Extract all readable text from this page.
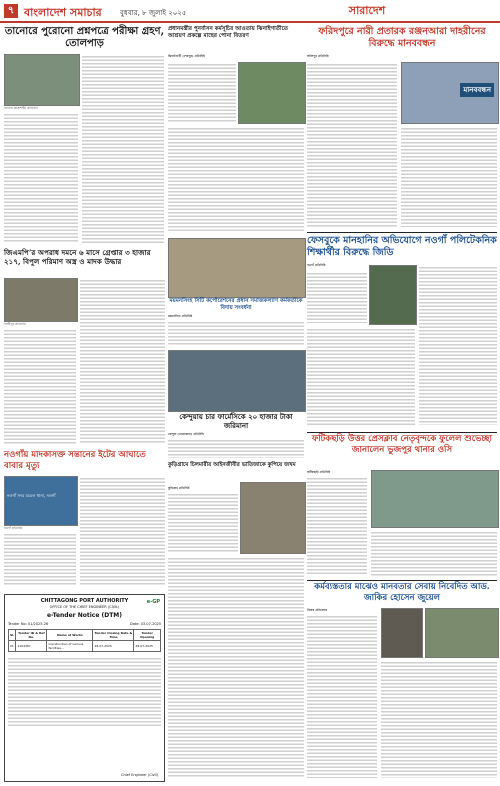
৭ বাংলাদেশ সমাচার	বুধবার, ৮ জুলাই ২০২৫	সারাদেশ
তানোরে পুরোনো প্রশ্নপত্রে পরীক্ষা গ্রহণ, তোলপাড়
তানোর (রাজশাহী) প্রতিনিধি
প্রধানমন্ত্রীর পুনর্বাসন কর্মসূচির আওতায় ঝিনাইগাতীতে আশ্রয়ণ প্রকল্পে মাছের পোনা বিতরণ
ঝিনাইগাতী (শেরপুর) প্রতিনিধি
ফরিদপুরে নারী প্রতারক রঞ্জনআরা দাহরীনের বিরুদ্ধে মানববন্ধন
ফরিদপুর প্রতিনিধি
মানববন্ধন
ফেসবুকে মানহানির অভিযোগে নওগাঁ পলিটেকনিক শিক্ষার্থীর বিরুদ্ধে জিডি
নওগাঁ প্রতিনিধি
জিএমপি’র অপরাধ দমনে ৬ মাসে গ্রেপ্তার ৩ হাজার ২১৭, বিপুল পরিমাণ অস্ত্র ও মাদক উদ্ধার
গাজীপুর প্রতিনিধি
ময়মনসিংহ সিটি কর্পোরেশনের প্রধান সমাজকল্যাণ কর্মকর্তাকে বিদায় সংবর্ধনা
ময়মনসিংহ প্রতিনিধি
কেন্দুয়ায় চার ফার্মেসিকে ২০ হাজার টাকা জরিমানা
কেন্দুয়া (নেত্রকোনা) প্রতিনিধি	ফটিকছড়ি উত্তর প্রেসক্লাব নেতৃবৃন্দকে ফুলেল শুভেচ্ছা জানালেন ভুজপুর থানার ওসি
ফটিকছড়ি প্রতিনিধি
নওগাঁয় মাদকাসক্ত সন্তানের ইটের আঘাতে বাবার মৃত্যু
নওগাঁ সদর মডেল থানা, নওগাঁ
নওগাঁ প্রতিনিধি
কুড়িগ্রামে চিলমারীর আইনজীবীর ভাতিজাকে কুপিয়ে জখম
কুড়িগ্রাম প্রতিনিধি
CHITTAGONG PORT AUTHORITY
OFFICE OF THE CHIEF ENGINEER (CIVIL)
e-GP
e-Tender Notice (DTM)
Tender No: 01/2025-26	Date: 03-07-2025
Sl.	Tender ID & Ref No.	Name of Works	Tender Closing Date & Time	Tender Opening
01	1104367	Construction of various facilities...	28-07-2025	28-07-2025
Chief Engineer (Civil)
কর্মব্যস্ততার মাঝেও মানবতার সেবায় নিবেদিত আড. জাকির হোসেন জুয়েল
নিজস্ব প্রতিবেদক
